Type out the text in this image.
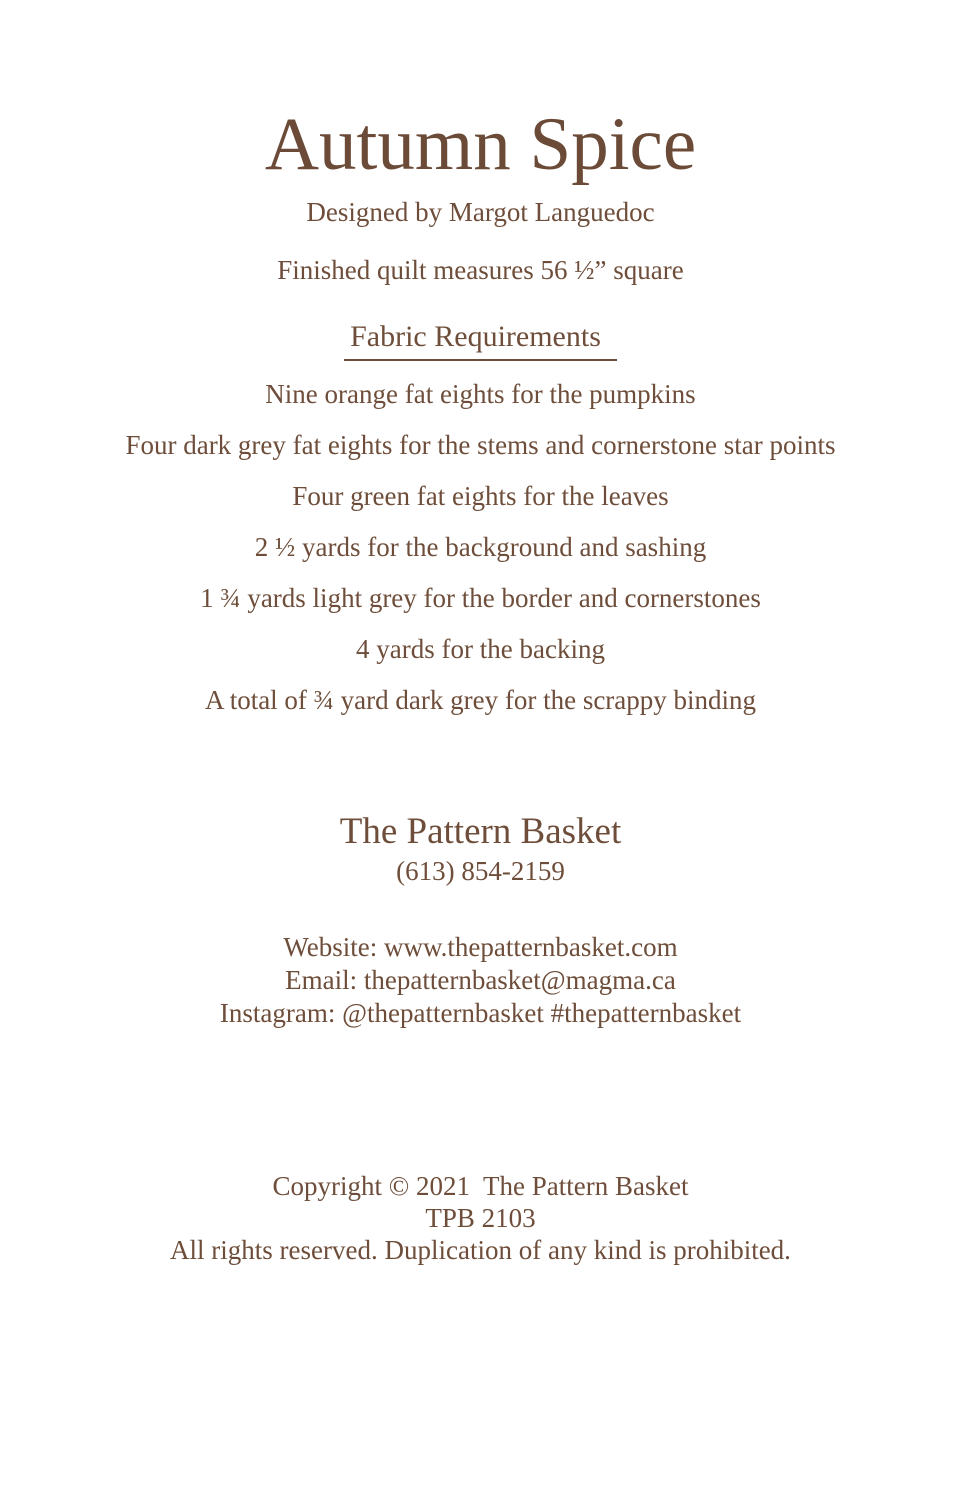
Autumn Spice
Designed by Margot Languedoc
Finished quilt measures 56 ½” square
Fabric Requirements
Nine orange fat eights for the pumpkins
Four dark grey fat eights for the stems and cornerstone star points
Four green fat eights for the leaves
2 ½ yards for the background and sashing
1 ¾ yards light grey for the border and cornerstones
4 yards for the backing
A total of ¾ yard dark grey for the scrappy binding
The Pattern Basket
(613) 854-2159
Website: www.thepatternbasket.com
Email: thepatternbasket@magma.ca
Instagram: @thepatternbasket #thepatternbasket
Copyright © 2021  The Pattern Basket
TPB 2103
All rights reserved. Duplication of any kind is prohibited.
